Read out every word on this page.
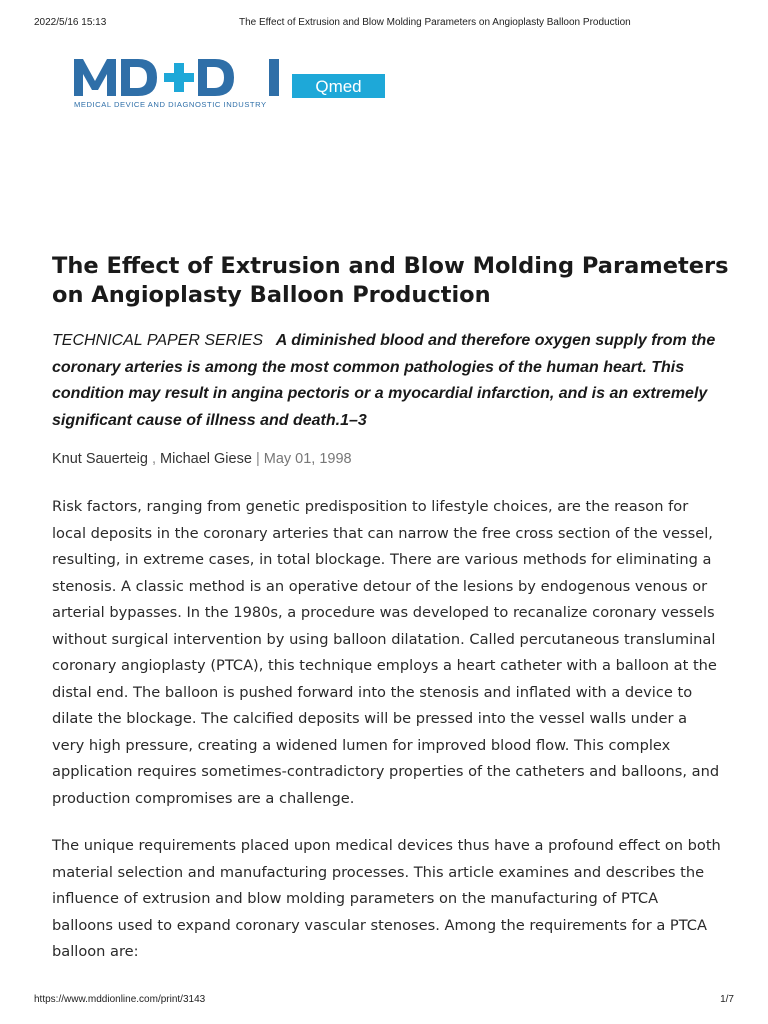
2022/5/16 15:13	The Effect of Extrusion and Blow Molding Parameters on Angioplasty Balloon Production
MEDICAL DEVICE AND DIAGNOSTIC INDUSTRY
Qmed
The Effect of Extrusion and Blow Molding Parameters on Angioplasty Balloon Production

TECHNICAL PAPER SERIES A diminished blood and therefore oxygen supply from the coronary arteries is among the most common pathologies of the human heart. This condition may result in angina pectoris or a myocardial infarction, and is an extremely significant cause of illness and death.1–3

Knut Sauerteig , Michael Giese | May 01, 1998

Risk factors, ranging from genetic predisposition to lifestyle choices, are the reason for local deposits in the coronary arteries that can narrow the free cross section of the vessel, resulting, in extreme cases, in total blockage. There are various methods for eliminating a stenosis. A classic method is an operative detour of the lesions by endogenous venous or arterial bypasses. In the 1980s, a procedure was developed to recanalize coronary vessels without surgical intervention by using balloon dilatation. Called percutaneous transluminal coronary angioplasty (PTCA), this technique employs a heart catheter with a balloon at the distal end. The balloon is pushed forward into the stenosis and inflated with a device to dilate the blockage. The calcified deposits will be pressed into the vessel walls under a very high pressure, creating a widened lumen for improved blood flow. This complex application requires sometimes-contradictory properties of the catheters and balloons, and production compromises are a challenge.

The unique requirements placed upon medical devices thus have a profound effect on both material selection and manufacturing processes. This article examines and describes the influence of extrusion and blow molding parameters on the manufacturing of PTCA balloons used to expand coronary vascular stenoses. Among the requirements for a PTCA balloon are:

https://www.mddionline.com/print/3143	1/7
